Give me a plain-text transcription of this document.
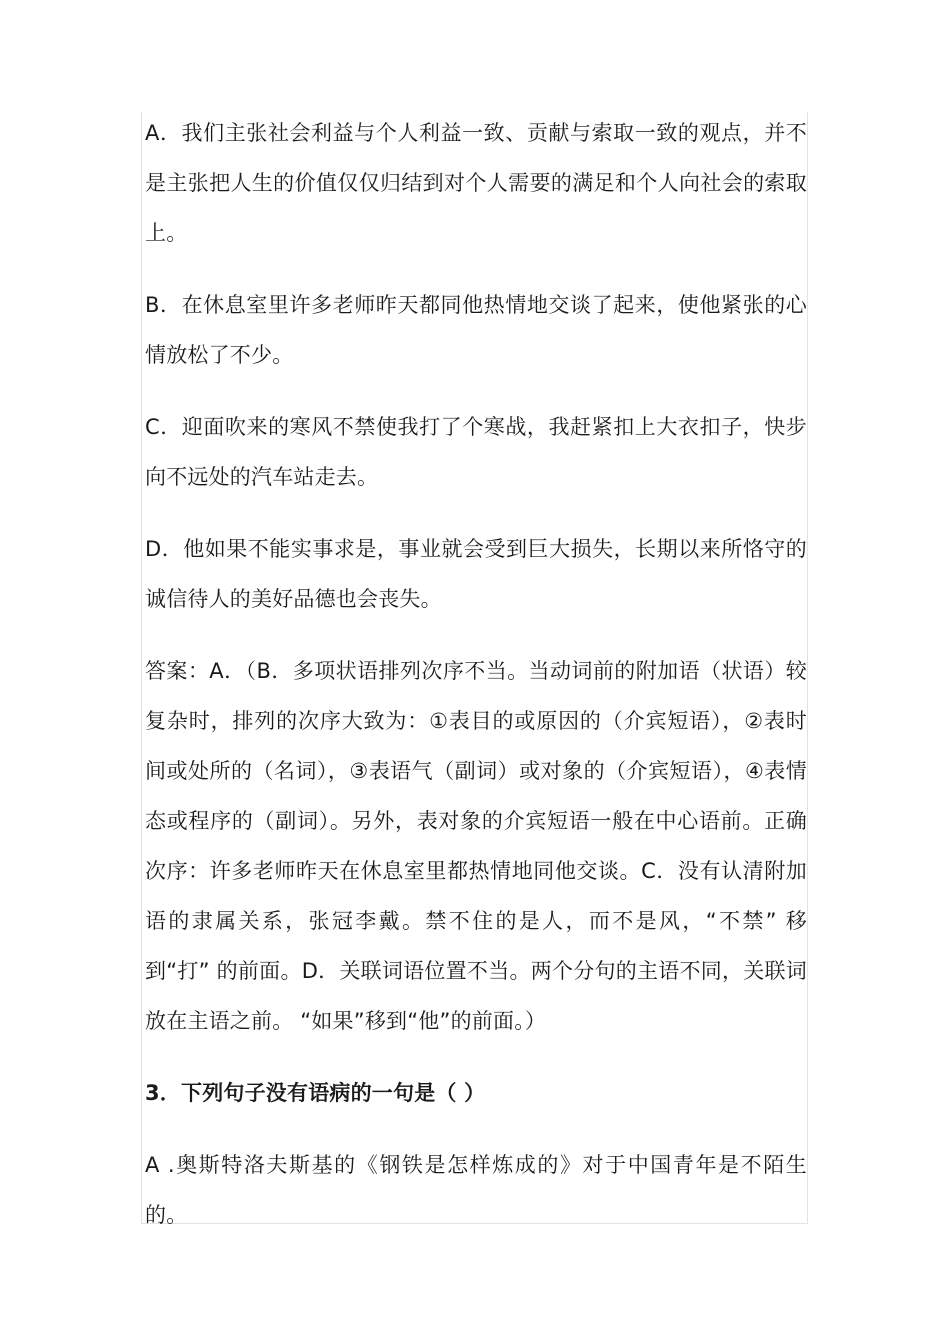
A．我们主张社会利益与个人利益一致、贡献与索取一致的观点，并不是主张把人生的价值仅仅归结到对个人需要的满足和个人向社会的索取上。

B．在休息室里许多老师昨天都同他热情地交谈了起来，使他紧张的心情放松了不少。

C．迎面吹来的寒风不禁使我打了个寒战，我赶紧扣上大衣扣子，快步向不远处的汽车站走去。

D．他如果不能实事求是，事业就会受到巨大损失，长期以来所恪守的诚信待人的美好品德也会丧失。

答案：A．（B．多项状语排列次序不当。当动词前的附加语（状语）较复杂时，排列的次序大致为：①表目的或原因的（介宾短语），②表时间或处所的（名词），③表语气（副词）或对象的（介宾短语），④表情态或程序的（副词）。另外，表对象的介宾短语一般在中心语前。正确次序：许多老师昨天在休息室里都热情地同他交谈。C．没有认清附加语的隶属关系，张冠李戴。禁不住的是人，而不是风，“不禁” 移到“打” 的前面。D．关联词语位置不当。两个分句的主语不同，关联词放在主语之前。 “如果”移到“他”的前面。）

3．下列句子没有语病的一句是（ ）

A .奥斯特洛夫斯基的《钢铁是怎样炼成的》对于中国青年是不陌生的。
